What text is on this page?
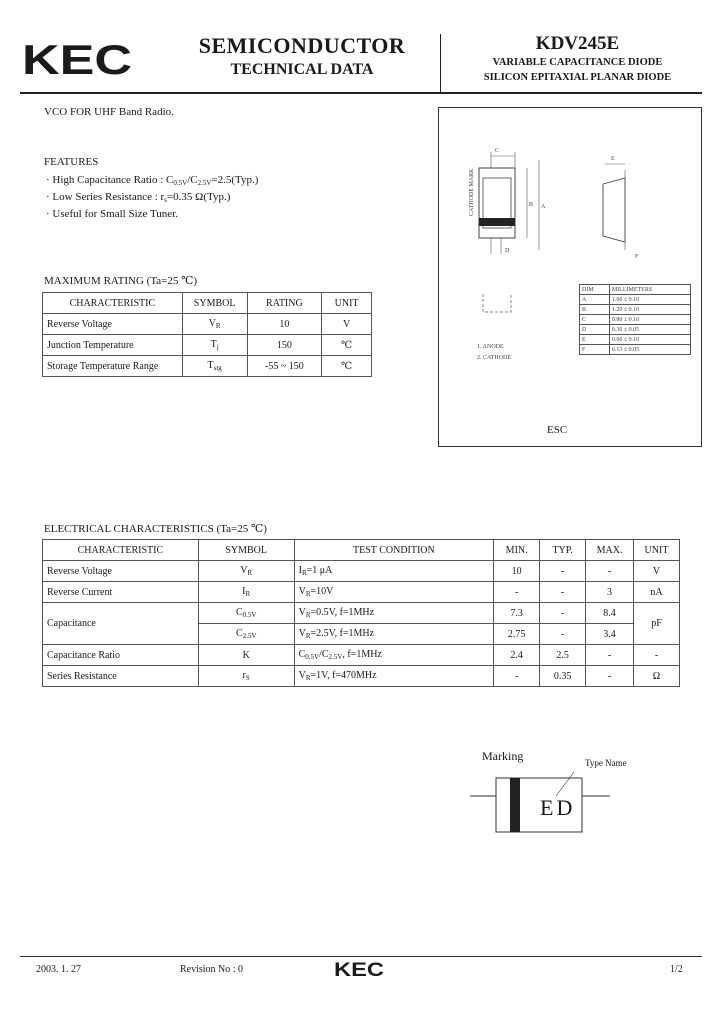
KEC	SEMICONDUCTOR
TECHNICAL DATA
KDV245E
VARIABLE CAPACITANCE DIODE
SILICON EPITAXIAL PLANAR DIODE
VCO FOR UHF Band Radio.
FEATURES
· High Capacitance Ratio : $C_{0.5V}/C_{2.5V}=2.5(Typ.)$
· Low Series Resistance : $r_s=0.35$ Ω(Typ.)
· Useful for Small Size Tuner.
MAXIMUM RATING (Ta=25 ℃)
CHARACTERISTIC	SYMBOL	RATING	UNIT
Reverse Voltage	$V_R$	10	V
Junction Temperature	$T_j$	150	℃
Storage Temperature Range	$T_{stg}$	-55 ~ 150	℃
C
B A
D
CATHODE MARK
E
F
1. ANODE
2. CATHODE
DIM	MILLIMETERS
A	1.60 ± 0.10
B	1.20 ± 0.10
C	0.80 ± 0.10
D	0.30 ± 0.05
E	0.60 ± 0.10
F	0.13 ± 0.05
ESC
ELECTRICAL CHARACTERISTICS (Ta=25 ℃)
CHARACTERISTIC	SYMBOL	TEST CONDITION	MIN.	TYP.	MAX.	UNIT
Reverse Voltage	$V_R$	$I_R=1$ μA	10	-	-	V
Reverse Current	$I_R$	$V_R=10V$	-	-	3	nA
Capacitance	$C_{0.5V}$	$V_R=0.5V$, f=1MHz	7.3	-	8.4	pF
	$C_{2.5V}$	$V_R=2.5V$, f=1MHz	2.75	-	3.4	
Capacitance Ratio	K	$C_{0.5V}/C_{2.5V}$, f=1MHz	2.4	2.5	-	-
Series Resistance	$r_S$	$V_R=1V$, f=470MHz	-	0.35	-	Ω
Marking	Type Name
ED
2003. 1. 27	Revision No : 0	KEC	1/2
